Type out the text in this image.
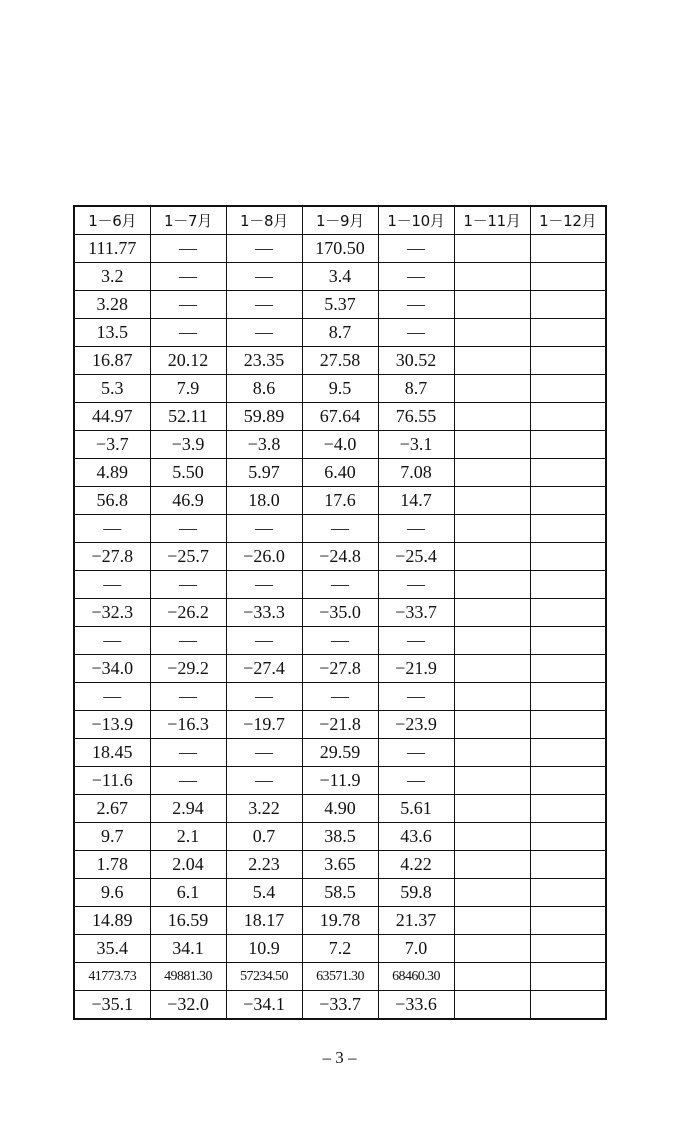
1－6月	1－7月	1－8月	1－9月	1－10月	1－11月	1－12月
111.77	—	—	170.50	—		
3.2	—	—	3.4	—		
3.28	—	—	5.37	—		
13.5	—	—	8.7	—		
16.87	20.12	23.35	27.58	30.52		
5.3	7.9	8.6	9.5	8.7		
44.97	52.11	59.89	67.64	76.55		
−3.7	−3.9	−3.8	−4.0	−3.1		
4.89	5.50	5.97	6.40	7.08		
56.8	46.9	18.0	17.6	14.7		
—	—	—	—	—		
−27.8	−25.7	−26.0	−24.8	−25.4		
—	—	—	—	—		
−32.3	−26.2	−33.3	−35.0	−33.7		
—	—	—	—	—		
−34.0	−29.2	−27.4	−27.8	−21.9		
—	—	—	—	—		
−13.9	−16.3	−19.7	−21.8	−23.9		
18.45	—	—	29.59	—		
−11.6	—	—	−11.9	—		
2.67	2.94	3.22	4.90	5.61		
9.7	2.1	0.7	38.5	43.6		
1.78	2.04	2.23	3.65	4.22		
9.6	6.1	5.4	58.5	59.8		
14.89	16.59	18.17	19.78	21.37		
35.4	34.1	10.9	7.2	7.0		
41773.73	49881.30	57234.50	63571.30	68460.30		
−35.1	−32.0	−34.1	−33.7	−33.6		
– 3 –
